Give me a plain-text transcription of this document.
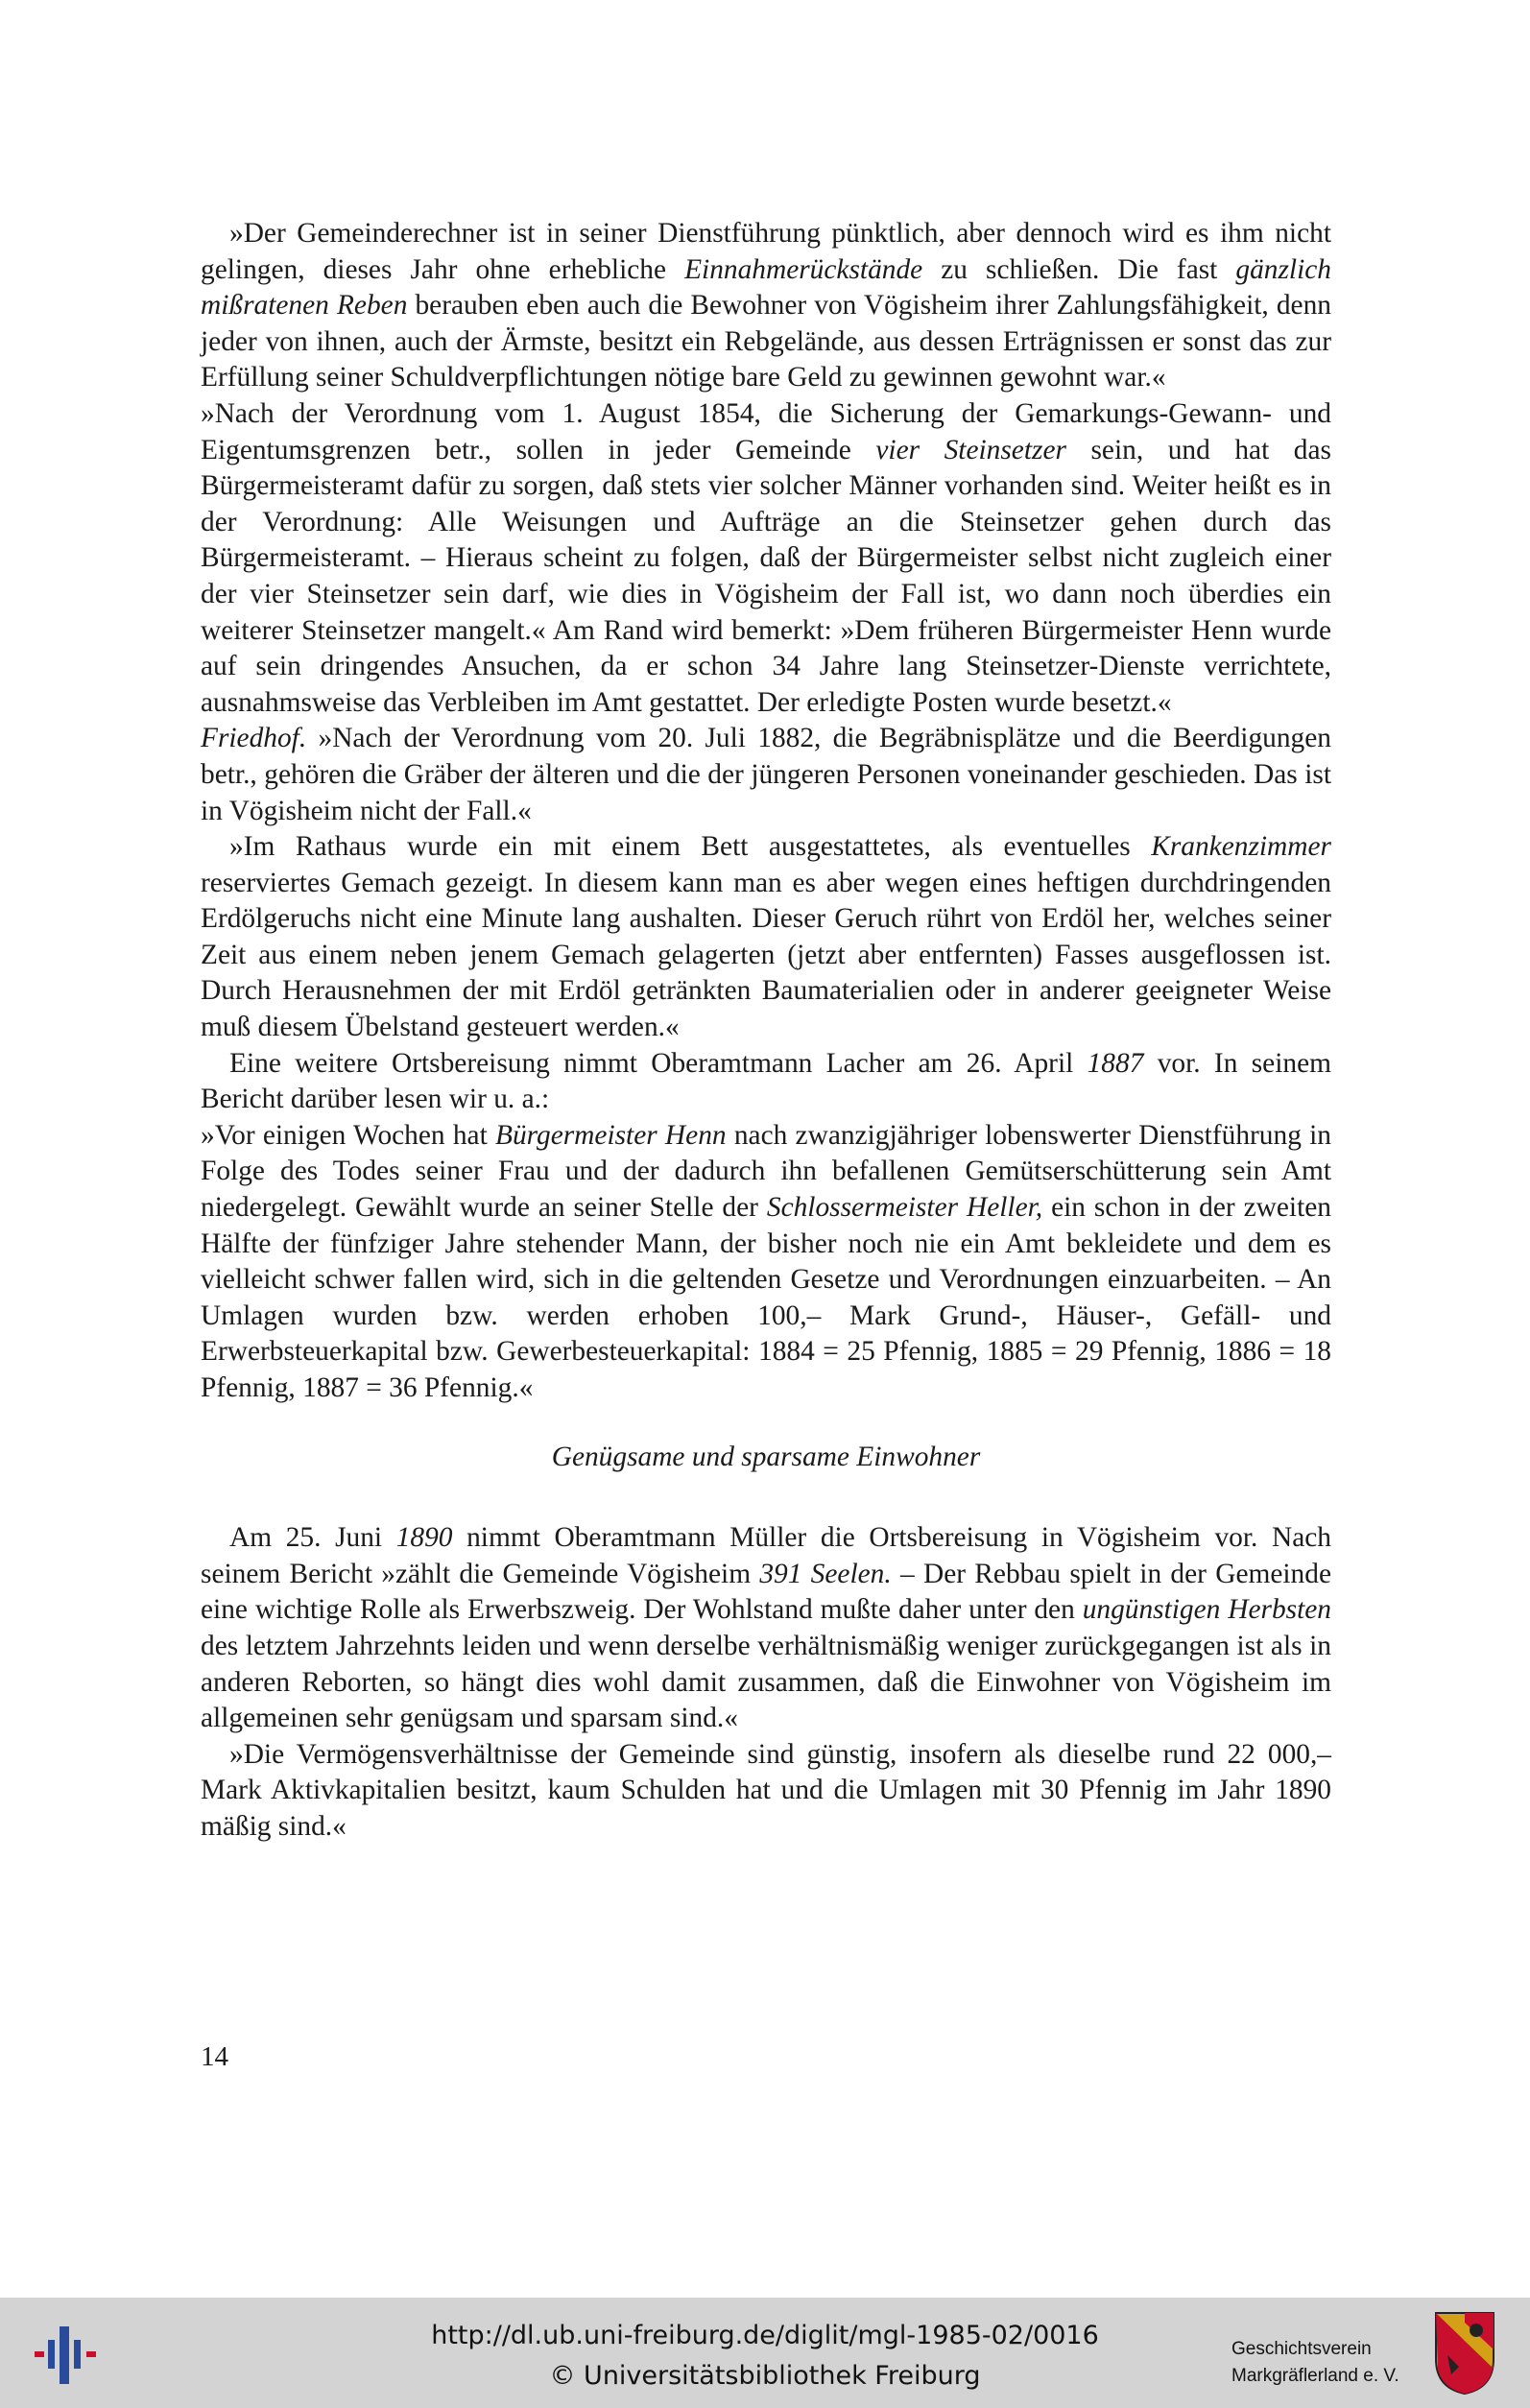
»Der Gemeinderechner ist in seiner Dienstführung pünktlich, aber dennoch wird es ihm nicht gelingen, dieses Jahr ohne erhebliche Einnahmerückstände zu schließen. Die fast gänzlich mißratenen Reben berauben eben auch die Bewohner von Vögisheim ihrer Zahlungsfähigkeit, denn jeder von ihnen, auch der Ärmste, besitzt ein Rebgelände, aus dessen Erträgnissen er sonst das zur Erfüllung seiner Schuldverpflichtungen nötige bare Geld zu gewinnen gewohnt war.«

»Nach der Verordnung vom 1. August 1854, die Sicherung der Gemarkungs-Gewann- und Eigentumsgrenzen betr., sollen in jeder Gemeinde vier Steinsetzer sein, und hat das Bürgermeisteramt dafür zu sorgen, daß stets vier solcher Männer vorhanden sind. Weiter heißt es in der Verordnung: Alle Weisungen und Aufträge an die Steinsetzer gehen durch das Bürgermeisteramt. – Hieraus scheint zu folgen, daß der Bürgermeister selbst nicht zugleich einer der vier Steinsetzer sein darf, wie dies in Vögisheim der Fall ist, wo dann noch überdies ein weiterer Steinsetzer mangelt.« Am Rand wird bemerkt: »Dem früheren Bürgermeister Henn wurde auf sein dringendes Ansuchen, da er schon 34 Jahre lang Steinsetzer-Dienste verrichtete, ausnahmsweise das Verbleiben im Amt gestattet. Der erledigte Posten wurde besetzt.«

Friedhof. »Nach der Verordnung vom 20. Juli 1882, die Begräbnisplätze und die Beerdigungen betr., gehören die Gräber der älteren und die der jüngeren Personen voneinander geschieden. Das ist in Vögisheim nicht der Fall.«

»Im Rathaus wurde ein mit einem Bett ausgestattetes, als eventuelles Krankenzimmer reserviertes Gemach gezeigt. In diesem kann man es aber wegen eines heftigen durchdringenden Erdölgeruchs nicht eine Minute lang aushalten. Dieser Geruch rührt von Erdöl her, welches seiner Zeit aus einem neben jenem Gemach gelagerten (jetzt aber entfernten) Fasses ausgeflossen ist. Durch Herausnehmen der mit Erdöl getränkten Baumaterialien oder in anderer geeigneter Weise muß diesem Übelstand gesteuert werden.«

Eine weitere Ortsbereisung nimmt Oberamtmann Lacher am 26. April 1887 vor. In seinem Bericht darüber lesen wir u. a.:

»Vor einigen Wochen hat Bürgermeister Henn nach zwanzigjähriger lobenswerter Dienstführung in Folge des Todes seiner Frau und der dadurch ihn befallenen Gemütserschütterung sein Amt niedergelegt. Gewählt wurde an seiner Stelle der Schlossermeister Heller, ein schon in der zweiten Hälfte der fünfziger Jahre stehender Mann, der bisher noch nie ein Amt bekleidete und dem es vielleicht schwer fallen wird, sich in die geltenden Gesetze und Verordnungen einzuarbeiten. – An Umlagen wurden bzw. werden erhoben 100,– Mark Grund-, Häuser-, Gefäll- und Erwerbsteuerkapital bzw. Gewerbesteuerkapital: 1884 = 25 Pfennig, 1885 = 29 Pfennig, 1886 = 18 Pfennig, 1887 = 36 Pfennig.«

Genügsame und sparsame Einwohner

Am 25. Juni 1890 nimmt Oberamtmann Müller die Ortsbereisung in Vögisheim vor. Nach seinem Bericht »zählt die Gemeinde Vögisheim 391 Seelen. – Der Rebbau spielt in der Gemeinde eine wichtige Rolle als Erwerbszweig. Der Wohlstand mußte daher unter den ungünstigen Herbsten des letztem Jahrzehnts leiden und wenn derselbe verhältnismäßig weniger zurückgegangen ist als in anderen Reborten, so hängt dies wohl damit zusammen, daß die Einwohner von Vögisheim im allgemeinen sehr genügsam und sparsam sind.«

»Die Vermögensverhältnisse der Gemeinde sind günstig, insofern als dieselbe rund 22 000,– Mark Aktivkapitalien besitzt, kaum Schulden hat und die Umlagen mit 30 Pfennig im Jahr 1890 mäßig sind.«

14
http://dl.ub.uni-freiburg.de/diglit/mgl-1985-02/0016
© Universitätsbibliothek Freiburg
Geschichtsverein
Markgräflerland e. V.
